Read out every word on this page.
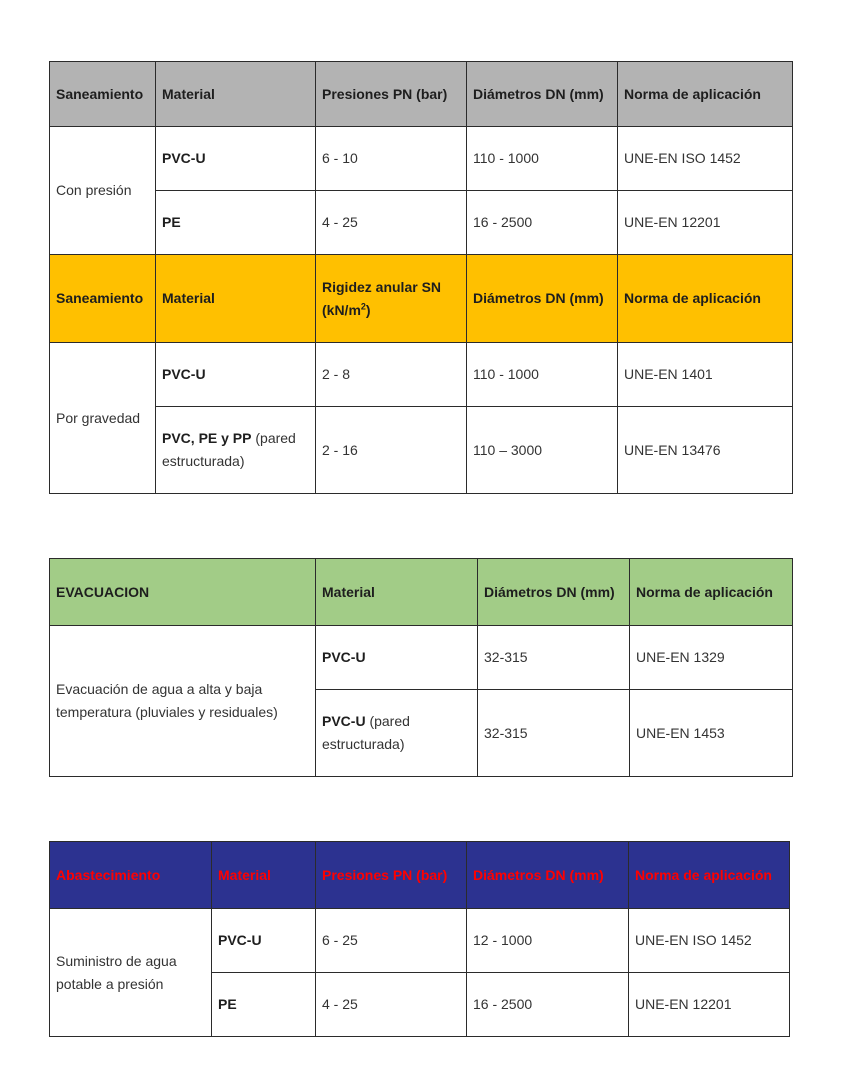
Saneamiento	Material	Presiones PN (bar)	Diámetros DN (mm)	Norma de aplicación
Con presión	PVC-U	6 - 10	110 - 1000	UNE-EN ISO 1452
	PE	4 - 25	16 - 2500	UNE-EN 12201
Saneamiento	Material	Rigidez anular SN $(kN/m^2)$	Diámetros DN (mm)	Norma de aplicación
Por gravedad	PVC-U	2 - 8	110 - 1000	UNE-EN 1401
	PVC, PE y PP (pared estructurada)	2 - 16	110 – 3000	UNE-EN 13476
EVACUACION	Material	Diámetros DN (mm)	Norma de aplicación
Evacuación de agua a alta y baja temperatura (pluviales y residuales)	PVC-U	32-315	UNE-EN 1329
	PVC-U (pared estructurada)	32-315	UNE-EN 1453
Abastecimiento	Material	Presiones PN (bar)	Diámetros DN (mm)	Norma de aplicación
Suministro de agua potable a presión	PVC-U	6 - 25	12 - 1000	UNE-EN ISO 1452
	PE	4 - 25	16 - 2500	UNE-EN 12201
